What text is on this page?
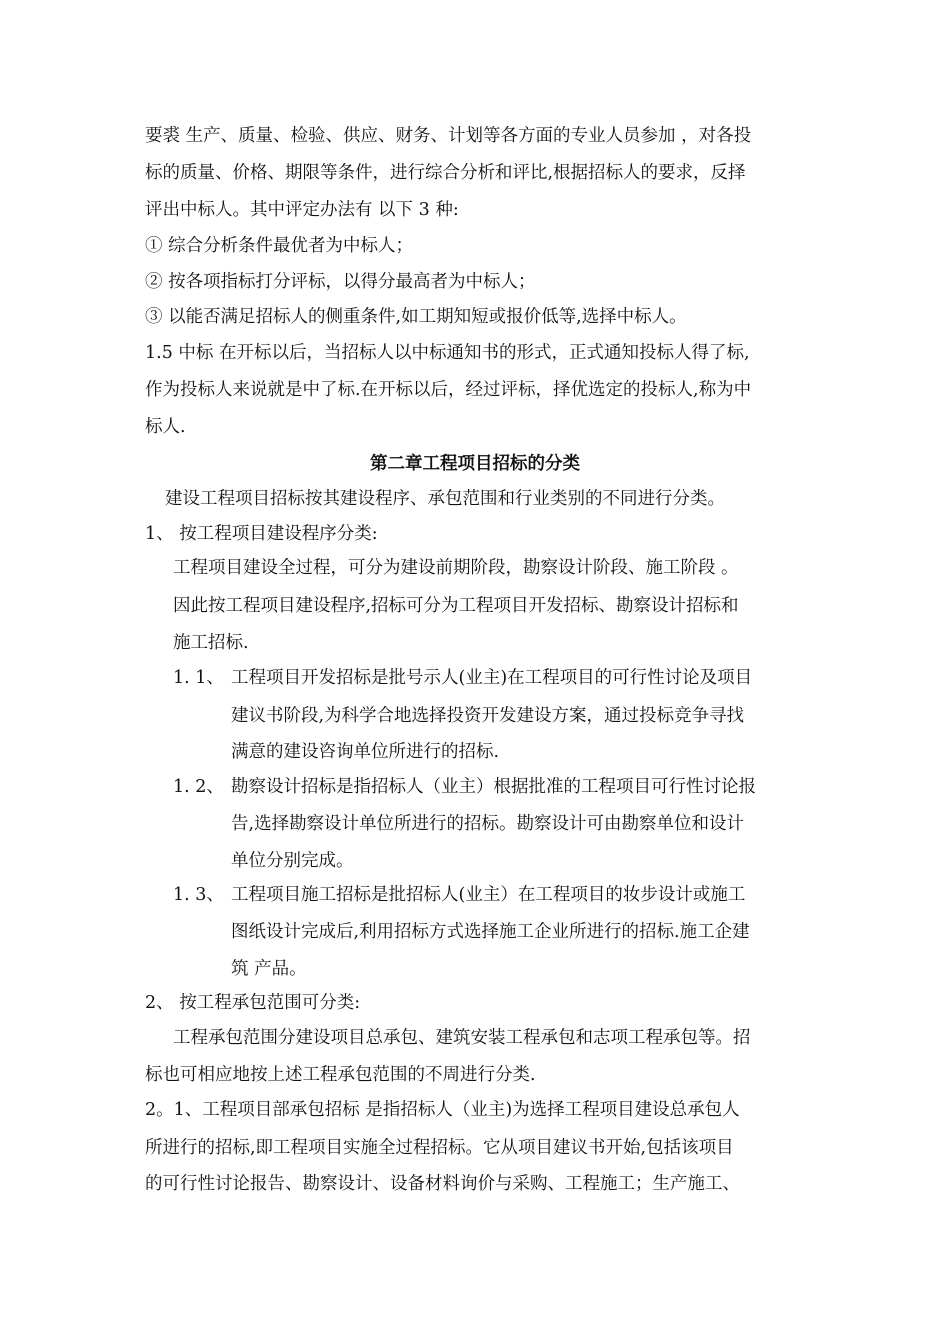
要裘 生产、质量、检验、供应、财务、计划等各方面的专业人员参加 ，对各投
标的质量、价格、期限等条件，进行综合分析和评比,根据招标人的要求，反择
评出中标人。其中评定办法有 以下 3 种:
① 综合分析条件最优者为中标人；
② 按各项指标打分评标，以得分最高者为中标人；
③ 以能否满足招标人的侧重条件,如工期知短或报价低等,选择中标人。
1.5 中标 在开标以后，当招标人以中标通知书的形式，正式通知投标人得了标,
作为投标人来说就是中了标.在开标以后，经过评标，择优选定的投标人,称为中
标人.
第二章工程项目招标的分类
建设工程项目招标按其建设程序、承包范围和行业类别的不同进行分类。
1、 按工程项目建设程序分类:
工程项目建设全过程，可分为建设前期阶段，勘察设计阶段、施工阶段 。
因此按工程项目建设程序,招标可分为工程项目开发招标、勘察设计招标和
施工招标.
1. 1、 工程项目开发招标是批号示人(业主)在工程项目的可行性讨论及项目
建议书阶段,为科学合地选择投资开发建设方案，通过投标竞争寻找
满意的建设咨询单位所进行的招标.
1. 2、 勘察设计招标是指招标人（业主）根据批准的工程项目可行性讨论报
告,选择勘察设计单位所进行的招标。勘察设计可由勘察单位和设计
单位分别完成。
1. 3、 工程项目施工招标是批招标人(业主）在工程项目的妆步设计或施工
图纸设计完成后,利用招标方式选择施工企业所进行的招标.施工企建
筑 产品。
2、 按工程承包范围可分类:
工程承包范围分建设项目总承包、建筑安装工程承包和志项工程承包等。招
标也可相应地按上述工程承包范围的不周进行分类.
2。1、工程项目部承包招标 是指招标人（业主)为选择工程项目建设总承包人
所进行的招标,即工程项目实施全过程招标。它从项目建议书开始,包括该项目
的可行性讨论报告、勘察设计、设备材料询价与采购、工程施工；生产施工、
